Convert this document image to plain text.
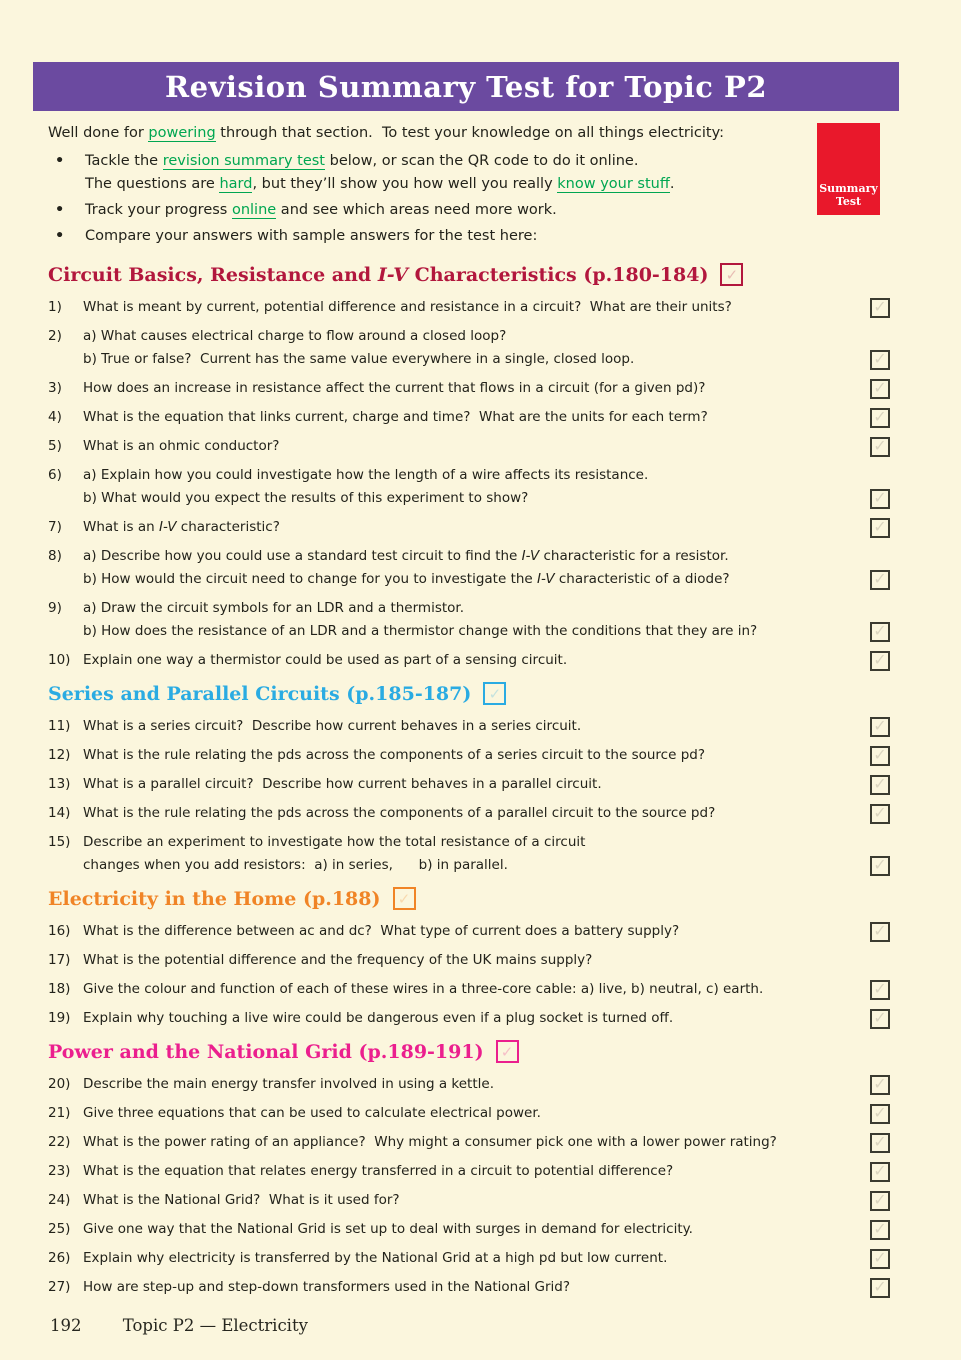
Revision Summary Test for Topic P2

Well done for powering through that section.  To test your knowledge on all things electricity:

•	Tackle the revision summary test below, or scan the QR code to do it online.
The questions are hard, but they’ll show you how well you really know your stuff.
•	Track your progress online and see which areas need more work.
•	Compare your answers with sample answers for the test here:
Summary
Test
Circuit Basics, Resistance and I-V Characteristics (p.180-184) ✓
1)	What is meant by current, potential difference and resistance in a circuit?  What are their units?	✓
2)	a) What causes electrical charge to flow around a closed loop?
b) True or false?  Current has the same value everywhere in a single, closed loop.	✓
3)	How does an increase in resistance affect the current that flows in a circuit (for a given pd)?	✓
4)	What is the equation that links current, charge and time?  What are the units for each term?	✓
5)	What is an ohmic conductor?	✓
6)	a) Explain how you could investigate how the length of a wire affects its resistance.
b) What would you expect the results of this experiment to show?	✓
7)	What is an I-V characteristic?	✓
8)	a) Describe how you could use a standard test circuit to find the I-V characteristic for a resistor.
b) How would the circuit need to change for you to investigate the I-V characteristic of a diode?	✓
9)	a) Draw the circuit symbols for an LDR and a thermistor.
b) How does the resistance of an LDR and a thermistor change with the conditions that they are in?	✓
10) Explain one way a thermistor could be used as part of a sensing circuit.	✓
Series and Parallel Circuits (p.185-187) ✓
11) What is a series circuit?  Describe how current behaves in a series circuit.	✓
12) What is the rule relating the pds across the components of a series circuit to the source pd?	✓
13) What is a parallel circuit?  Describe how current behaves in a parallel circuit.	✓
14) What is the rule relating the pds across the components of a parallel circuit to the source pd?	✓
15) Describe an experiment to investigate how the total resistance of a circuit
changes when you add resistors:  a) in series,      b) in parallel.	✓
Electricity in the Home (p.188) ✓
16) What is the difference between ac and dc?  What type of current does a battery supply?	✓
17) What is the potential difference and the frequency of the UK mains supply?
18) Give the colour and function of each of these wires in a three-core cable: a) live, b) neutral, c) earth.	✓
19) Explain why touching a live wire could be dangerous even if a plug socket is turned off.	✓
Power and the National Grid (p.189-191) ✓
20) Describe the main energy transfer involved in using a kettle.	✓
21) Give three equations that can be used to calculate electrical power.	✓
22) What is the power rating of an appliance?  Why might a consumer pick one with a lower power rating?	✓
23) What is the equation that relates energy transferred in a circuit to potential difference?	✓
24) What is the National Grid?  What is it used for?	✓
25) Give one way that the National Grid is set up to deal with surges in demand for electricity.	✓
26) Explain why electricity is transferred by the National Grid at a high pd but low current.	✓
27) How are step-up and step-down transformers used in the National Grid?	✓
192	Topic P2 — Electricity
